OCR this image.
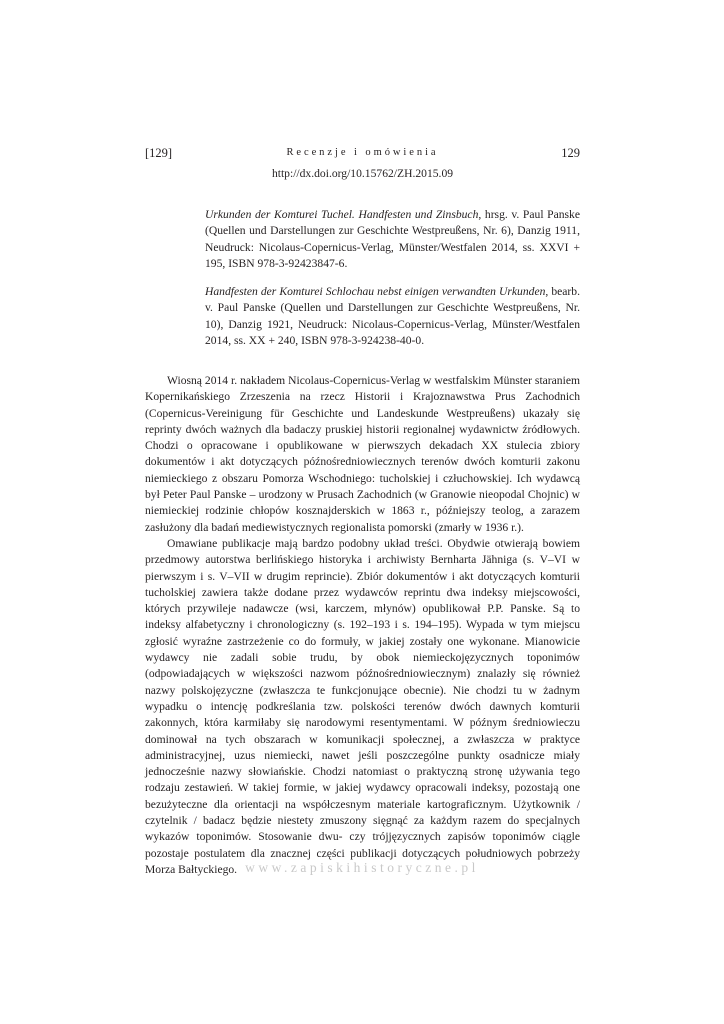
[129]	Recenzje i omówienia	129
http://dx.doi.org/10.15762/ZH.2015.09

Urkunden der Komturei Tuchel. Handfesten und Zinsbuch, hrsg. v. Paul Panske (Quellen und Darstellungen zur Geschichte Westpreußens, Nr. 6), Danzig 1911, Neudruck: Nicolaus-Copernicus-Verlag, Münster/Westfalen 2014, ss. XXVI + 195, ISBN 978-3-92423847-6.

Handfesten der Komturei Schlochau nebst einigen verwandten Urkunden, bearb. v. Paul Panske (Quellen und Darstellungen zur Geschichte Westpreußens, Nr. 10), Danzig 1921, Neudruck: Nicolaus-Copernicus-Verlag, Münster/Westfalen 2014, ss. XX + 240, ISBN 978-3-924238-40-0.

Wiosną 2014 r. nakładem Nicolaus-Copernicus-Verlag w westfalskim Münster staraniem Kopernikańskiego Zrzeszenia na rzecz Historii i Krajoznawstwa Prus Zachodnich (Copernicus-Vereinigung für Geschichte und Landeskunde Westpreußens) ukazały się reprinty dwóch ważnych dla badaczy pruskiej historii regionalnej wydawnictw źródłowych. Chodzi o opracowane i opublikowane w pierwszych dekadach XX stulecia zbiory dokumentów i akt dotyczących późnośredniowiecznych terenów dwóch komturii zakonu niemieckiego z obszaru Pomorza Wschodniego: tucholskiej i człuchowskiej. Ich wydawcą był Peter Paul Panske – urodzony w Prusach Zachodnich (w Granowie nieopodal Chojnic) w niemieckiej rodzinie chłopów kosznajderskich w 1863 r., późniejszy teolog, a zarazem zasłużony dla badań mediewistycznych regionalista pomorski (zmarły w 1936 r.).

Omawiane publikacje mają bardzo podobny układ treści. Obydwie otwierają bowiem przedmowy autorstwa berlińskiego historyka i archiwisty Bernharta Jähniga (s. V–VI w pierwszym i s. V–VII w drugim reprincie). Zbiór dokumentów i akt dotyczących komturii tucholskiej zawiera także dodane przez wydawców reprintu dwa indeksy miejscowości, których przywileje nadawcze (wsi, karczem, młynów) opublikował P.P. Panske. Są to indeksy alfabetyczny i chronologiczny (s. 192–193 i s. 194–195). Wypada w tym miejscu zgłosić wyraźne zastrzeżenie co do formuły, w jakiej zostały one wykonane. Mianowicie wydawcy nie zadali sobie trudu, by obok niemieckojęzycznych toponimów (odpowiadających w większości nazwom późnośredniowiecznym) znalazły się również nazwy polskojęzyczne (zwłaszcza te funkcjonujące obecnie). Nie chodzi tu w żadnym wypadku o intencję podkreślania tzw. polskości terenów dwóch dawnych komturii zakonnych, która karmiłaby się narodowymi resentymentami. W późnym średniowieczu dominował na tych obszarach w komunikacji społecznej, a zwłaszcza w praktyce administracyjnej, uzus niemiecki, nawet jeśli poszczególne punkty osadnicze miały jednocześnie nazwy słowiańskie. Chodzi natomiast o praktyczną stronę używania tego rodzaju zestawień. W takiej formie, w jakiej wydawcy opracowali indeksy, pozostają one bezużyteczne dla orientacji na współczesnym materiale kartograficznym. Użytkownik / czytelnik / badacz będzie niestety zmuszony sięgnąć za każdym razem do specjalnych wykazów toponimów. Stosowanie dwu- czy trójjęzycznych zapisów toponimów ciągle pozostaje postulatem dla znacznej części publikacji dotyczących południowych pobrzeży Morza Bałtyckiego. www.zapiskihistoryczne.pl
